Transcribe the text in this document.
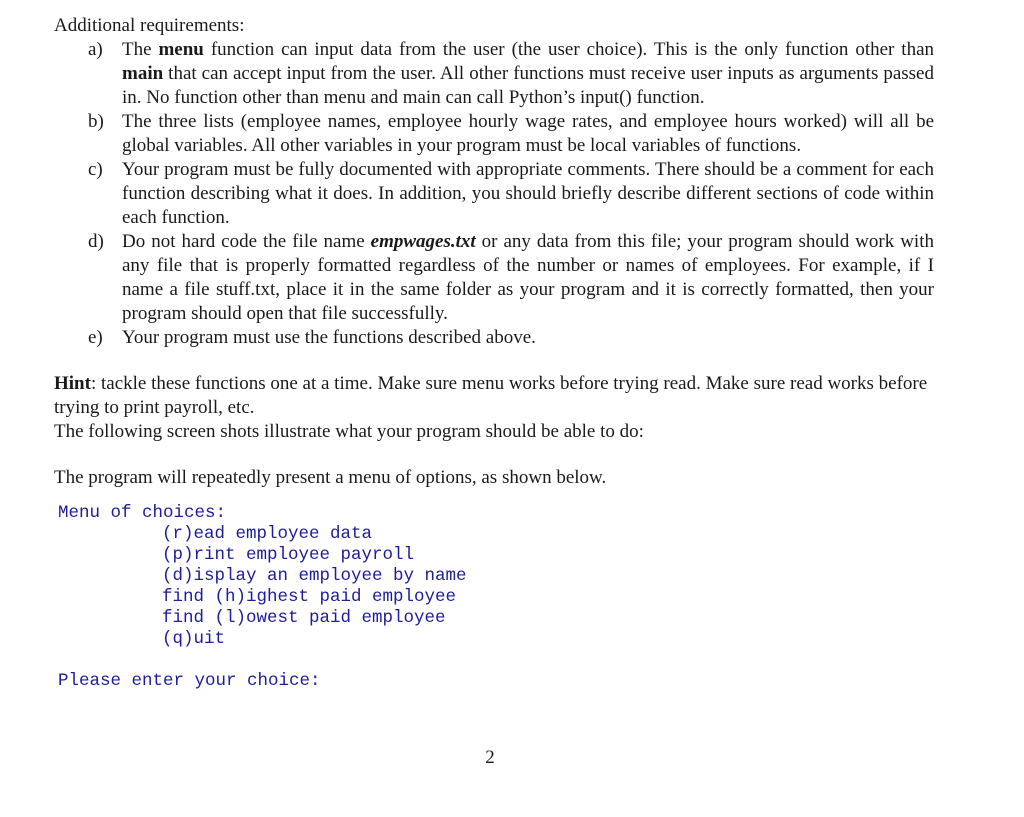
Additional requirements:

a) The menu function can input data from the user (the user choice). This is the only function other than main that can accept input from the user. All other functions must receive user inputs as arguments passed in. No function other than menu and main can call Python’s input() function.
b) The three lists (employee names, employee hourly wage rates, and employee hours worked) will all be global variables. All other variables in your program must be local variables of functions.
c) Your program must be fully documented with appropriate comments. There should be a comment for each function describing what it does. In addition, you should briefly describe different sections of code within each function.
d) Do not hard code the file name empwages.txt or any data from this file; your program should work with any file that is properly formatted regardless of the number or names of employees. For example, if I name a file stuff.txt, place it in the same folder as your program and it is correctly formatted, then your program should open that file successfully.
e) Your program must use the functions described above.

Hint: tackle these functions one at a time. Make sure menu works before trying read. Make sure read works before trying to print payroll, etc.

The following screen shots illustrate what your program should be able to do:

The program will repeatedly present a menu of options, as shown below.

Menu of choices:
(r)ead employee data
(p)rint employee payroll
(d)isplay an employee by name
find (h)ighest paid employee
find (l)owest paid employee
(q)uit
Please enter your choice:
2
